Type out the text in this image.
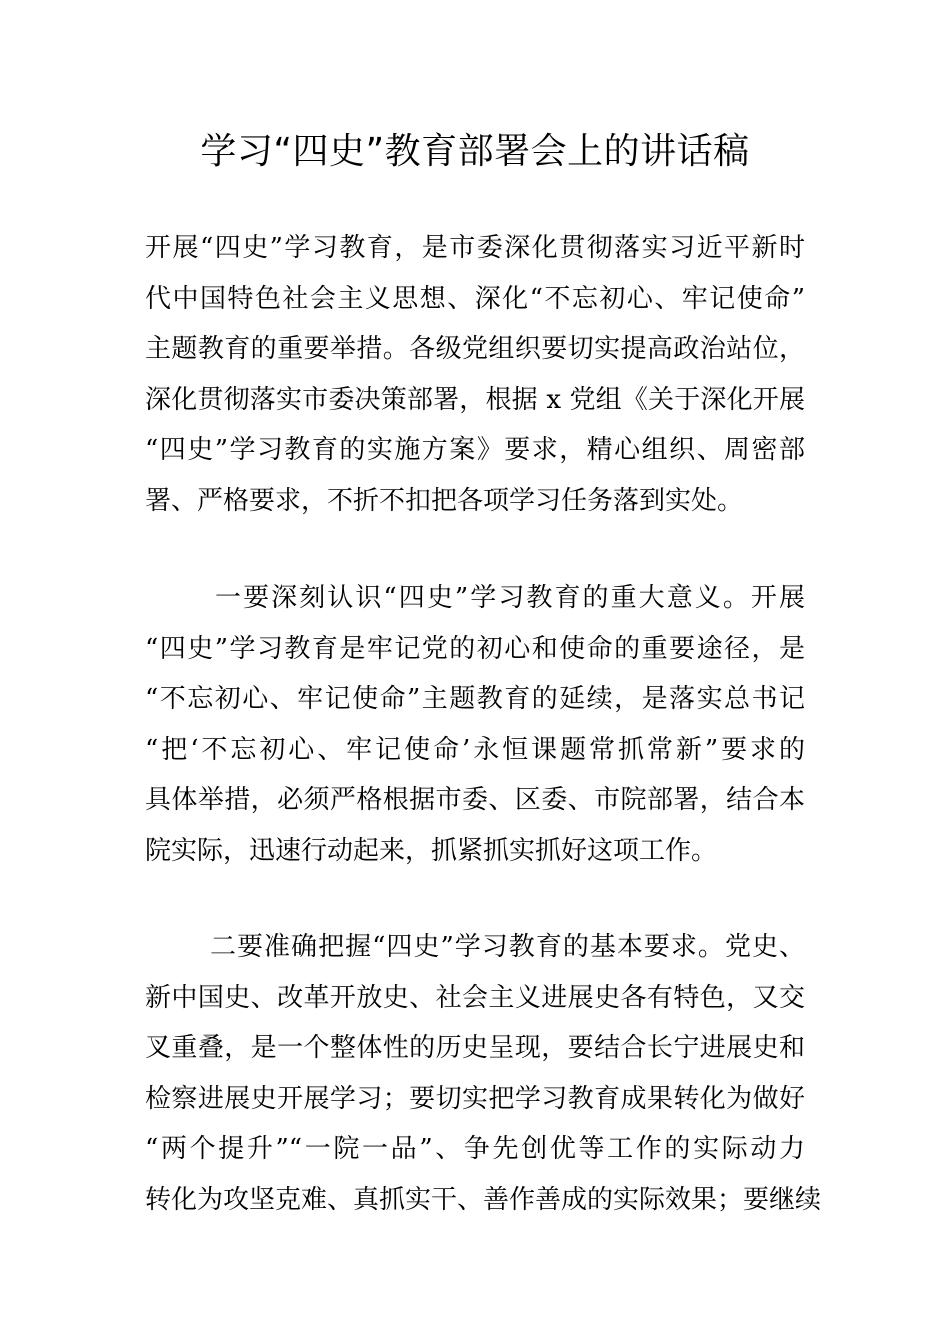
学习“四史”教育部署会上的讲话稿
开展“四史”学习教育，是市委深化贯彻落实习近平新时
代中国特色社会主义思想、深化“不忘初心、牢记使命”
主题教育的重要举措。各级党组织要切实提高政治站位，
深化贯彻落实市委决策部署，根据 x 党组《关于深化开展
“四史”学习教育的实施方案》要求，精心组织、周密部
署、严格要求，不折不扣把各项学习任务落到实处。
一要深刻认识“四史”学习教育的重大意义。开展
“四史”学习教育是牢记党的初心和使命的重要途径，是
“不忘初心、牢记使命”主题教育的延续，是落实总书记
“把‘不忘初心、牢记使命’永恒课题常抓常新”要求的
具体举措，必须严格根据市委、区委、市院部署，结合本
院实际，迅速行动起来，抓紧抓实抓好这项工作。
二要准确把握“四史”学习教育的基本要求。党史、
新中国史、改革开放史、社会主义进展史各有特色，又交
叉重叠，是一个整体性的历史呈现，要结合长宁进展史和
检察进展史开展学习；要切实把学习教育成果转化为做好
“两个提升”“一院一品”、争先创优等工作的实际动力
转化为攻坚克难、真抓实干、善作善成的实际效果；要继续
